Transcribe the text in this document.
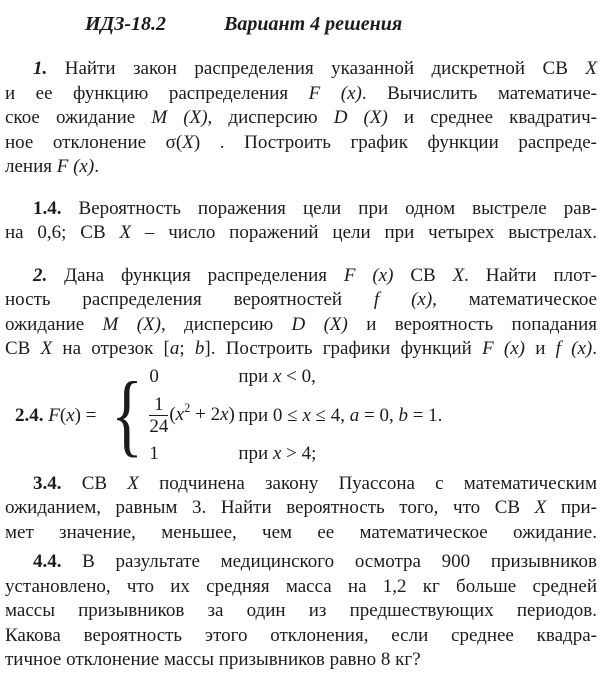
ИДЗ-18.2	Вариант 4 решения
1. Найти закон распределения указанной дискретной СВ X
и ее функцию распределения F (x). Вычислить математиче-
ское ожидание M (X), дисперсию D (X) и среднее квадратич-
ное отклонение σ(X) . Построить график функции распреде-
ления F (x).
1.4. Вероятность поражения цели при одном выстреле рав-
на 0,6; СВ X – число поражений цели при четырех выстрелах.
2. Дана функция распределения F (x) СВ X. Найти плот-
ность распределения вероятностей f (x), математическое
ожидание M (X), дисперсию D (X) и вероятность попадания
СВ X на отрезок [a; b]. Построить графики функций F (x) и f (x).
2.4. F(x) = { 0	при x < 0,
$\frac{1}{24} (x^2 + 2x)$ при 0 ≤ x ≤ 4, a = 0, b = 1.
1	при x > 4;
3.4. СВ X подчинена закону Пуассона с математическим
ожиданием, равным 3. Найти вероятность того, что СВ X при-
мет значение, меньшее, чем ее математическое ожидание.
4.4. В разультате медицинского осмотра 900 призывников
установлено, что их средняя масса на 1,2 кг больше средней
массы призывников за один из предшествующих периодов.
Какова вероятность этого отклонения, если среднее квадра-
тичное отклонение массы призывников равно 8 кг?
